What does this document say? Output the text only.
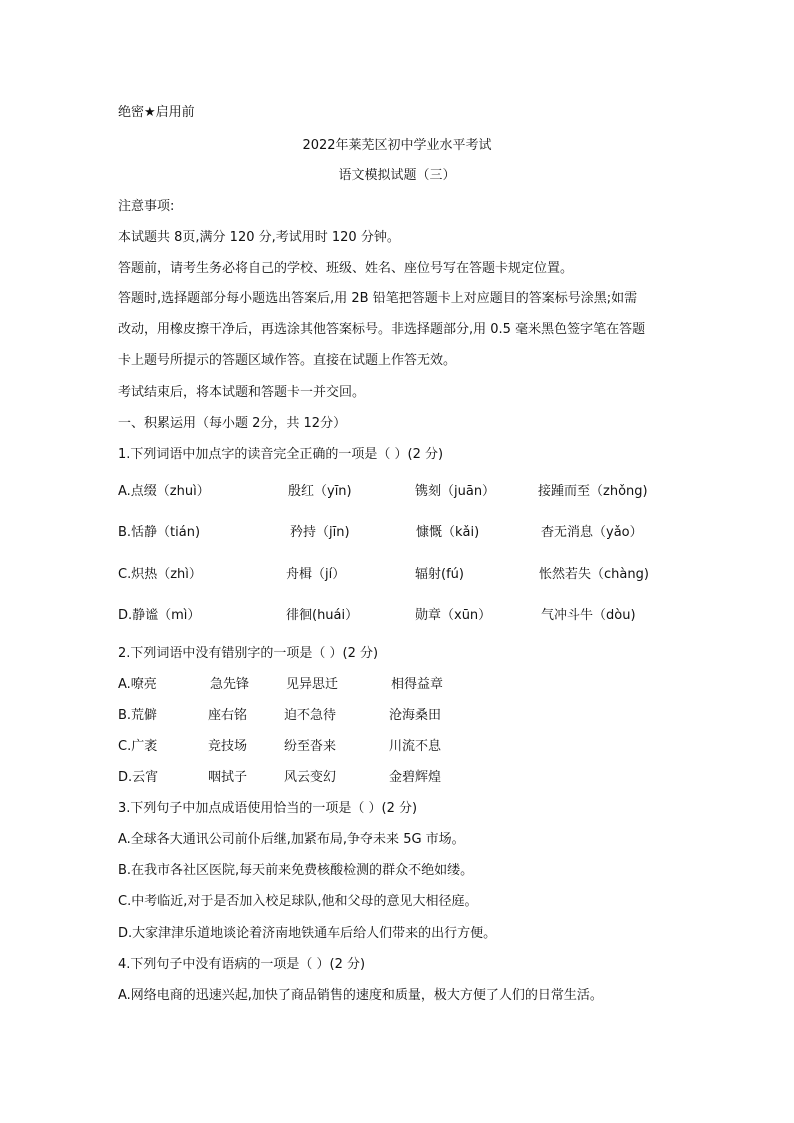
绝密★启用前
2022年莱芜区初中学业水平考试
语文模拟试题（三）
注意事项:
本试题共 8页,满分 120 分,考试用时 120 分钟。
答题前，请考生务必将自己的学校、班级、姓名、座位号写在答题卡规定位置。
答题时,选择题部分每小题选出答案后,用 2B 铅笔把答题卡上对应题目的答案标号涂黑;如需
改动，用橡皮擦干净后，再选涂其他答案标号。非选择题部分,用 0.5 毫米黑色签字笔在答题
卡上题号所提示的答题区域作答。直接在试题上作答无效。
考试结束后，将本试题和答题卡一并交回。
一、积累运用（每小题 2分，共 12分）
1.下列词语中加点字的读音完全正确的一项是（ ）(2 分)
A.点缀（zhuì）	殷红（yīn)	镌刻（juān）	接踵而至（zhǒng)
B.恬静（tián)	矜持（jīn)	慷慨（kǎi)	杳无消息（yǎo）
C.炽热（zhì）	舟楫（jí）	辐射(fú)	怅然若失（chàng)
D.静谧（mì）	徘徊(huái）	勋章（xūn）	气冲斗牛（dòu)
2.下列词语中没有错别字的一项是（ ）(2 分)
A.嘹亮	急先锋	见异思迁	相得益章
B.荒僻	座右铭	迫不急待	沧海桑田
C.广袤	竞技场	纷至沓来	川流不息
D.云宵	咽拭子	风云变幻	金碧辉煌
3.下列句子中加点成语使用恰当的一项是（ ）(2 分)
A.全球各大通讯公司前仆后继,加紧布局,争夺未来 5G 市场。
B.在我市各社区医院,每天前来免费核酸检测的群众不绝如缕。
C.中考临近,对于是否加入校足球队,他和父母的意见大相径庭。
D.大家津津乐道地谈论着济南地铁通车后给人们带来的出行方便。
4.下列句子中没有语病的一项是（ ）(2 分)
A.网络电商的迅速兴起,加快了商品销售的速度和质量，极大方便了人们的日常生活。
